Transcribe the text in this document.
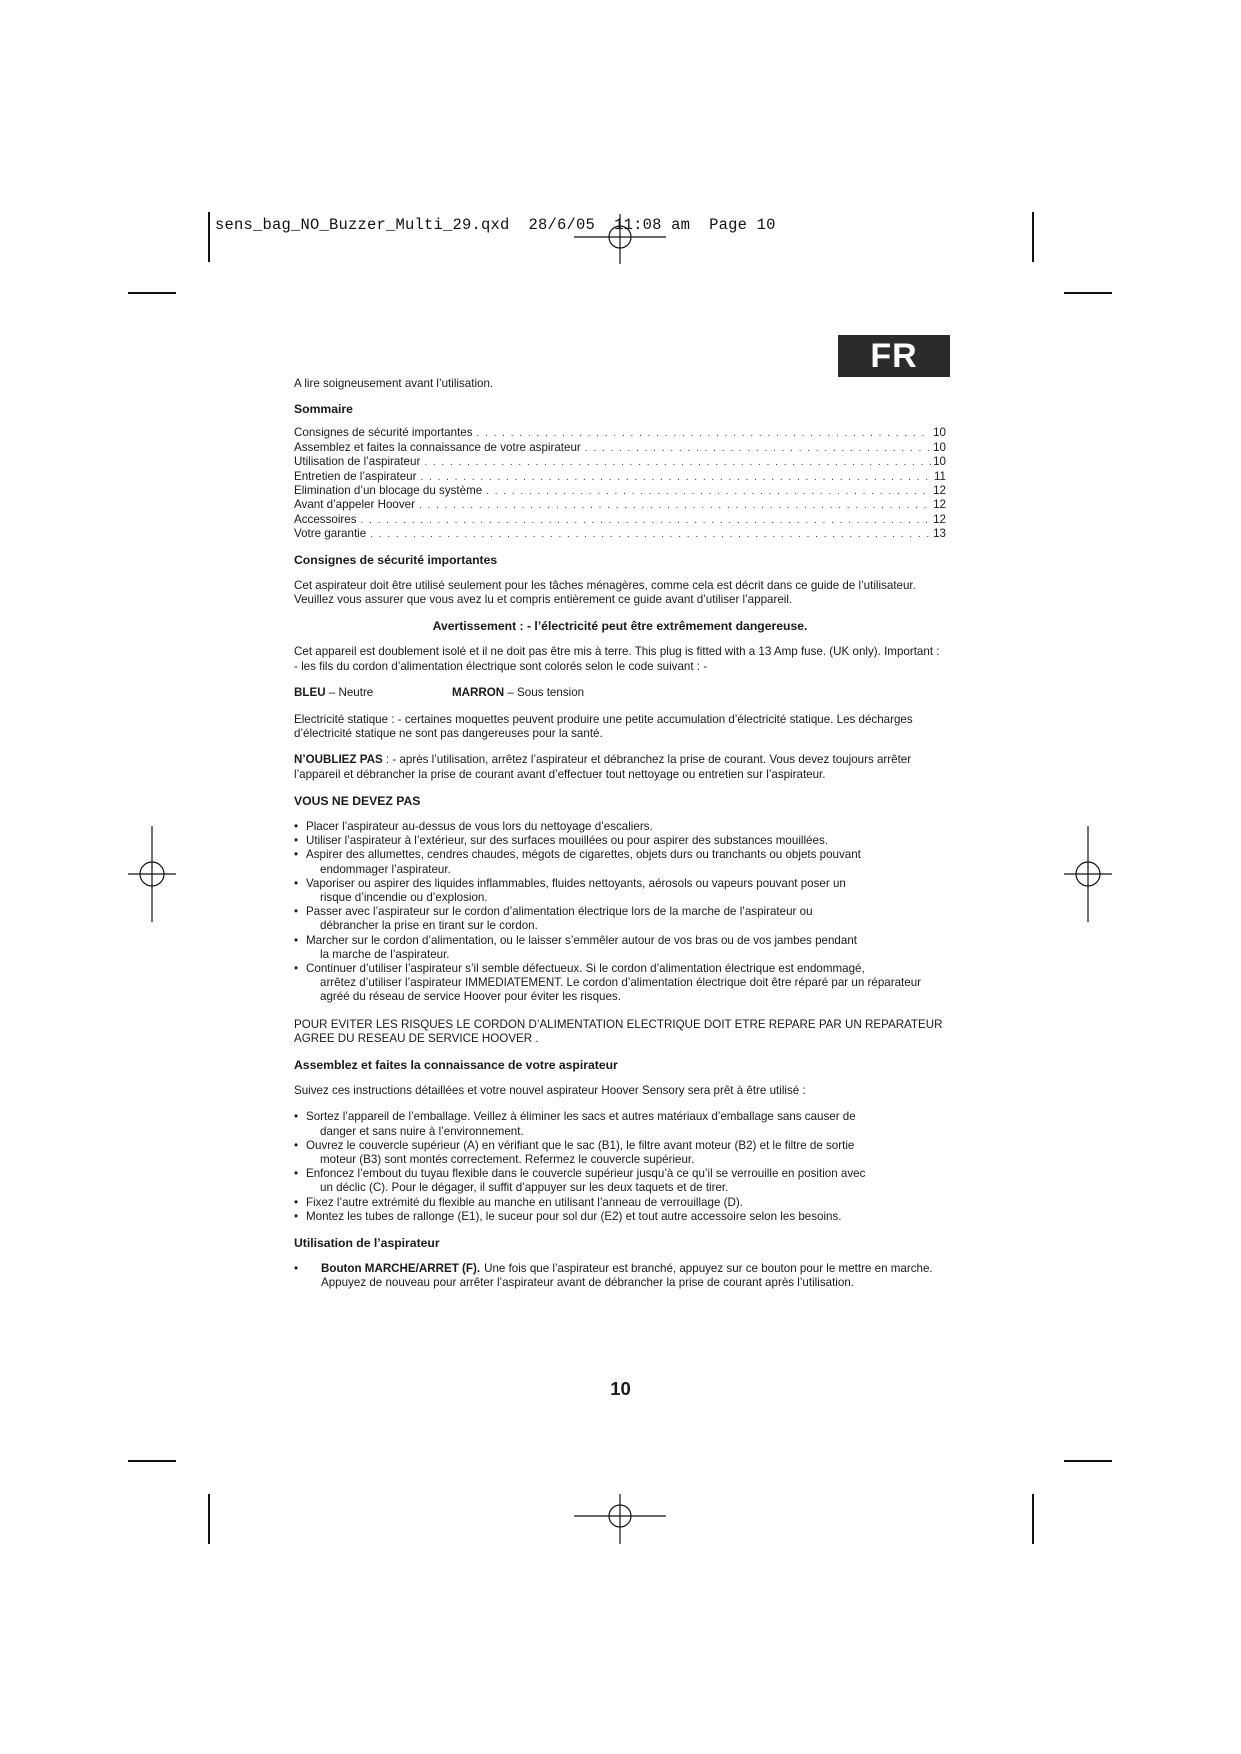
sens_bag_NO_Buzzer_Multi_29.qxd  28/6/05  11:08 am  Page 10
FR

A lire soigneusement avant l’utilisation.

Sommaire

Consignes de sécurité importantes . . .	10
Assemblez et faites la connaissance de votre aspirateur . . .	10
Utilisation de l’aspirateur . . .	10
Entretien de l’aspirateur . . .	11
Elimination d’un blocage du système . . .	12
Avant d’appeler Hoover . . .	12
Accessoires . . .	12
Votre garantie . . .	13

Consignes de sécurité importantes

Cet aspirateur doit être utilisé seulement pour les tâches ménagères, comme cela est décrit dans ce guide de l’utilisateur. Veuillez vous assurer que vous avez lu et compris entièrement ce guide avant d’utiliser l’appareil.

Avertissement : - l’électricité peut être extrêmement dangereuse.

Cet appareil est doublement isolé et il ne doit pas être mis à terre. This plug is fitted with a 13 Amp fuse. (UK only). Important : - les fils du cordon d’alimentation électrique sont colorés selon le code suivant : -

BLEU – Neutre	MARRON – Sous tension

Electricité statique : - certaines moquettes peuvent produire une petite accumulation d’électricité statique. Les décharges d’électricité statique ne sont pas dangereuses pour la santé.

N’OUBLIEZ PAS : - après l’utilisation, arrêtez l’aspirateur et débranchez la prise de courant. Vous devez toujours arrêter l’appareil et débrancher la prise de courant avant d’effectuer tout nettoyage ou entretien sur l’aspirateur.

VOUS NE DEVEZ PAS

• Placer l’aspirateur au-dessus de vous lors du nettoyage d’escaliers.
• Utiliser l’aspirateur à l’extérieur, sur des surfaces mouillées ou pour aspirer des substances mouillées.
• Aspirer des allumettes, cendres chaudes, mégots de cigarettes, objets durs ou tranchants ou objets pouvant
endommager l’aspirateur.
• Vaporiser ou aspirer des liquides inflammables, fluides nettoyants, aérosols ou vapeurs pouvant poser un
risque d’incendie ou d’explosion.
• Passer avec l’aspirateur sur le cordon d’alimentation électrique lors de la marche de l’aspirateur ou
débrancher la prise en tirant sur le cordon.
• Marcher sur le cordon d’alimentation, ou le laisser s’emmêler autour de vos bras ou de vos jambes pendant
la marche de l’aspirateur.
• Continuer d’utiliser l’aspirateur s’il semble défectueux. Si le cordon d’alimentation électrique est endommagé,
arrêtez d’utiliser l’aspirateur IMMEDIATEMENT. Le cordon d’alimentation électrique doit être réparé par un réparateur agréé du réseau de service Hoover pour éviter les risques.

POUR EVITER LES RISQUES LE CORDON D’ALIMENTATION ELECTRIQUE DOIT ETRE REPARE PAR UN REPARATEUR AGREE DU RESEAU DE SERVICE HOOVER .

Assemblez et faites la connaissance de votre aspirateur

Suivez ces instructions détaillées et votre nouvel aspirateur Hoover Sensory sera prêt à être utilisé :

• Sortez l’appareil de l’emballage. Veillez à éliminer les sacs et autres matériaux d’emballage sans causer de
danger et sans nuire à l’environnement.
• Ouvrez le couvercle supérieur (A) en vérifiant que le sac (B1), le filtre avant moteur (B2) et le filtre de sortie
moteur (B3) sont montés correctement. Refermez le couvercle supérieur.
• Enfoncez l’embout du tuyau flexible dans le couvercle supérieur jusqu’à ce qu’il se verrouille en position avec
un déclic (C). Pour le dégager, il suffit d’appuyer sur les deux taquets et de tirer.
• Fixez l’autre extrémité du flexible au manche en utilisant l’anneau de verrouillage (D).
• Montez les tubes de rallonge (E1), le suceur pour sol dur (E2) et tout autre accessoire selon les besoins.

Utilisation de l’aspirateur

• Bouton MARCHE/ARRET (F). Une fois que l’aspirateur est branché, appuyez sur ce bouton pour le mettre en marche. Appuyez de nouveau pour arrêter l’aspirateur avant de débrancher la prise de courant après l’utilisation.

10
